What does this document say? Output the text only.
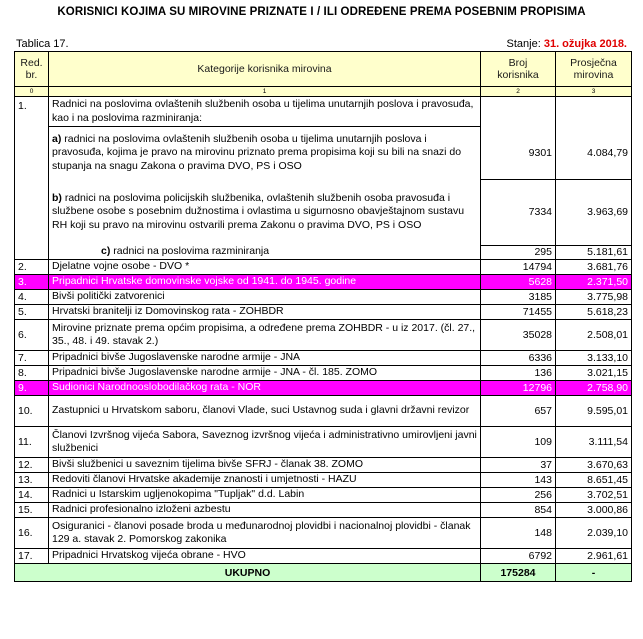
KORISNICI KOJIMA SU MIROVINE PRIZNATE I / ILI ODREĐENE PREMA POSEBNIM PROPISIMA
Tablica 17.	Stanje: 31. ožujka 2018.
Red.
br.	Kategorije korisnika mirovina	Broj
korisnika	Prosječna
mirovina
0	1	2	3
1.	Radnici na poslovima ovlaštenih službenih osoba u tijelima unutarnjih poslova i pravosuđa, kao i na poslovima razminiranja:		
	a) radnici na poslovima ovlaštenih službenih osoba u tijelima unutarnjih poslova i pravosuđa, kojima je pravo na mirovinu priznato prema propisima koji su bili na snazi do stupanja na snagu Zakona o pravima DVO, PS i OSO	9301	4.084,79
	b) radnici na poslovima policijskih službenika, ovlaštenih službenih osoba pravosuđa i službene osobe s posebnim dužnostima i ovlastima u sigurnosno obavještajnom sustavu RH koji su pravo na mirovinu ostvarili prema Zakonu o pravima DVO, PS i OSO	7334	3.963,69
	c) radnici na poslovima razminiranja	295	5.181,61
2.	Djelatne vojne osobe - DVO *	14794	3.681,76
3.	Pripadnici Hrvatske domovinske vojske od 1941. do 1945. godine	5628	2.371,50
4.	Bivši politički zatvorenici	3185	3.775,98
5.	Hrvatski branitelji iz Domovinskog rata - ZOHBDR	71455	5.618,23
6.	Mirovine priznate prema općim propisima, a određene prema ZOHBDR - u iz 2017. (čl. 27., 35., 48. i 49. stavak 2.)	35028	2.508,01
7.	Pripadnici bivše Jugoslavenske narodne armije - JNA	6336	3.133,10
8.	Pripadnici bivše Jugoslavenske narodne armije - JNA - čl. 185. ZOMO	136	3.021,15
9.	Sudionici Narodnooslobodilačkog rata - NOR	12796	2.758,90
10.	Zastupnici u Hrvatskom saboru, članovi Vlade, suci Ustavnog suda i glavni državni revizor	657	9.595,01
11.	Članovi Izvršnog vijeća Sabora, Saveznog izvršnog vijeća i administrativno umirovljeni javni službenici	109	3.111,54
12.	Bivši službenici u saveznim tijelima bivše SFRJ - članak 38. ZOMO	37	3.670,63
13.	Redoviti članovi Hrvatske akademije znanosti i umjetnosti - HAZU	143	8.651,45
14.	Radnici u Istarskim ugljenokopima "Tupljak" d.d. Labin	256	3.702,51
15.	Radnici profesionalno izloženi azbestu	854	3.000,86
16.	Osiguranici - članovi posade broda u međunarodnoj plovidbi i nacionalnoj plovidbi - članak 129 a. stavak 2. Pomorskog zakonika	148	2.039,10
17.	Pripadnici Hrvatskog vijeća obrane - HVO	6792	2.961,61
UKUPNO		175284	-
